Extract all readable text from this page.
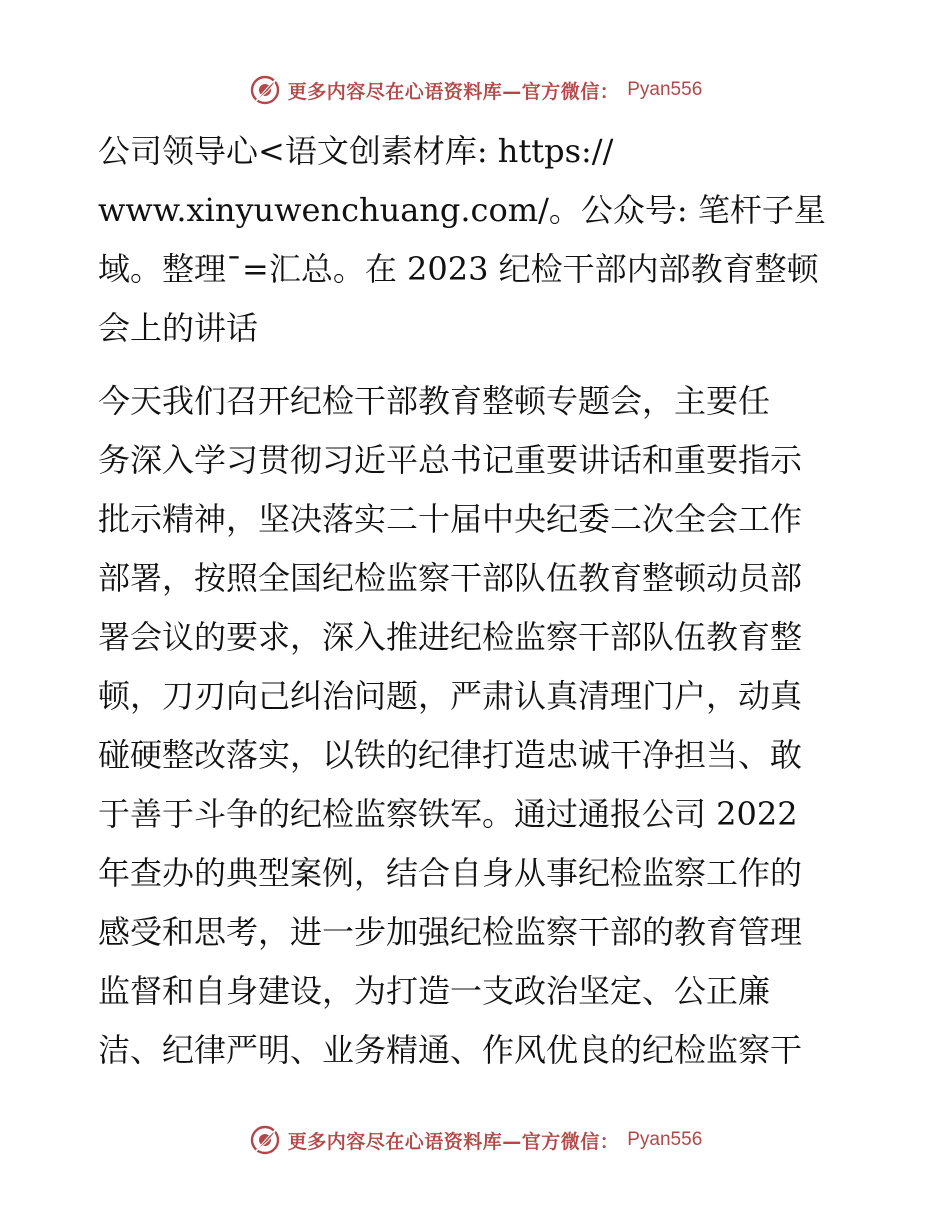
更多内容尽在心语资料库—官方微信： Pyan556

公司领导心<语文创素材库: https://
www.xinyuwenchuang.com/。公众号: 笔杆子星
域。整理¯=汇总。在 2023 纪检干部内部教育整顿
会上的讲话

今天我们召开纪检干部教育整顿专题会，主要任
务深入学习贯彻习近平总书记重要讲话和重要指示
批示精神，坚决落实二十届中央纪委二次全会工作
部署，按照全国纪检监察干部队伍教育整顿动员部
署会议的要求，深入推进纪检监察干部队伍教育整
顿，刀刃向己纠治问题，严肃认真清理门户，动真
碰硬整改落实，以铁的纪律打造忠诚干净担当、敢
于善于斗争的纪检监察铁军。通过通报公司 2022
年查办的典型案例，结合自身从事纪检监察工作的
感受和思考，进一步加强纪检监察干部的教育管理
监督和自身建设，为打造一支政治坚定、公正廉
洁、纪律严明、业务精通、作风优良的纪检监察干

更多内容尽在心语资料库—官方微信： Pyan556
